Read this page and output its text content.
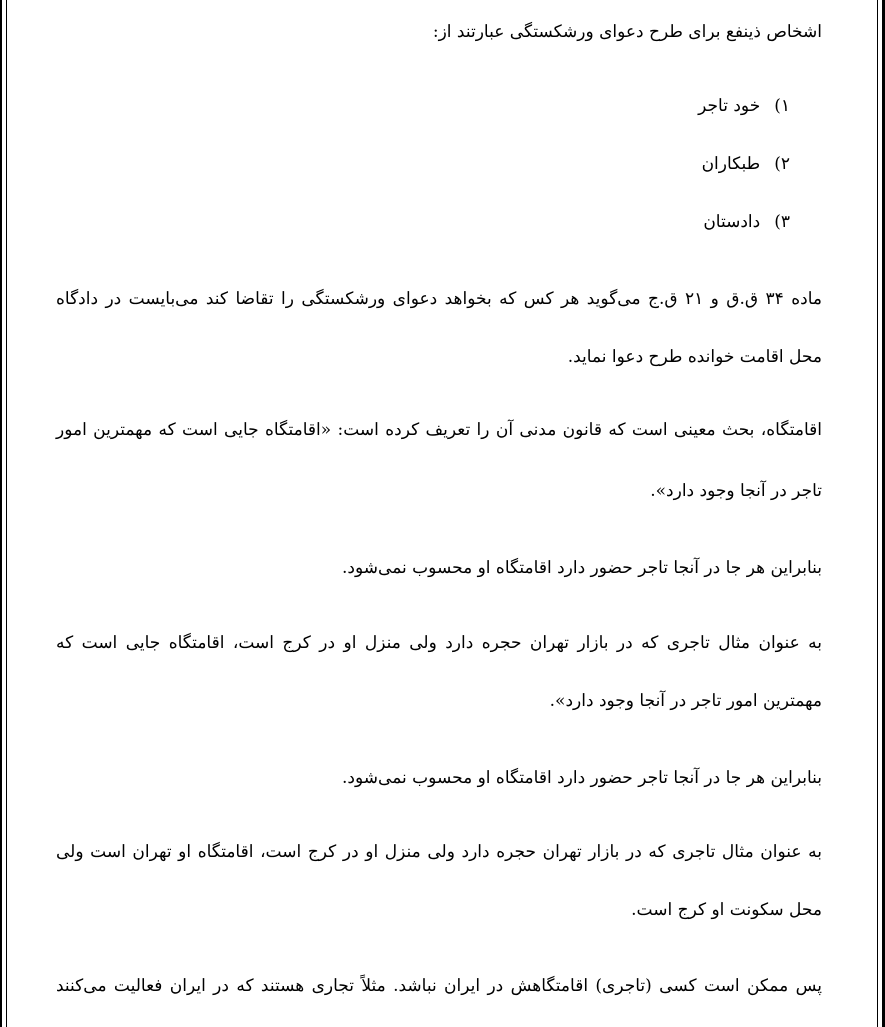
اشخاص ذینفع برای طرح دعوای ورشکستگی عبارتند از:

۱)خود تاجر
۲)طبکاران
۳)دادستان

ماده ۳۴ ق.ق و ۲۱ ق.ج می‌گوید هر کس که بخواهد دعوای ورشکستگی را تقاضا کند می‌بایست در دادگاه

محل اقامت خوانده طرح دعوا نماید.

اقامتگاه، بحث معینی است که قانون مدنی آن را تعریف کرده است: «اقامتگاه جایی است که مهمترین امور

تاجر در آنجا وجود دارد».

بنابراین هر جا در آنجا تاجر حضور دارد اقامتگاه او محسوب نمی‌شود.

به عنوان مثال تاجری که در بازار تهران حجره دارد ولی منزل او در کرج است، اقامتگاه جایی است که

مهمترین امور تاجر در آنجا وجود دارد».

بنابراین هر جا در آنجا تاجر حضور دارد اقامتگاه او محسوب نمی‌شود.

به عنوان مثال تاجری که در بازار تهران حجره دارد ولی منزل او در کرج است، اقامتگاه او تهران است ولی

محل سکونت او کرج است.

پس ممکن است کسی (تاجری) اقامتگاهش در ایران نباشد. مثلاً تجاری هستند که در ایران فعالیت می‌کنند
